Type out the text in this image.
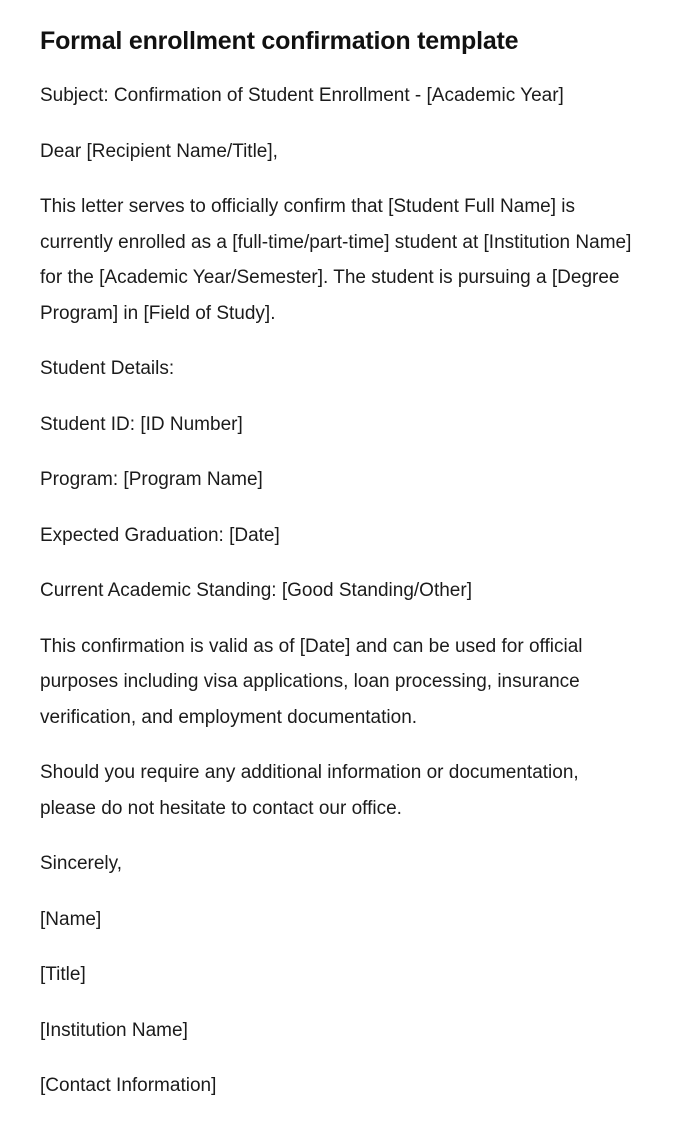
Formal enrollment confirmation template

Subject: Confirmation of Student Enrollment - [Academic Year]

Dear [Recipient Name/Title],

This letter serves to officially confirm that [Student Full Name] is currently enrolled as a [full-time/part-time] student at [Institution Name] for the [Academic Year/Semester]. The student is pursuing a [Degree Program] in [Field of Study].

Student Details:

Student ID: [ID Number]

Program: [Program Name]

Expected Graduation: [Date]

Current Academic Standing: [Good Standing/Other]

This confirmation is valid as of [Date] and can be used for official purposes including visa applications, loan processing, insurance verification, and employment documentation.

Should you require any additional information or documentation, please do not hesitate to contact our office.

Sincerely,

[Name]

[Title]

[Institution Name]

[Contact Information]
